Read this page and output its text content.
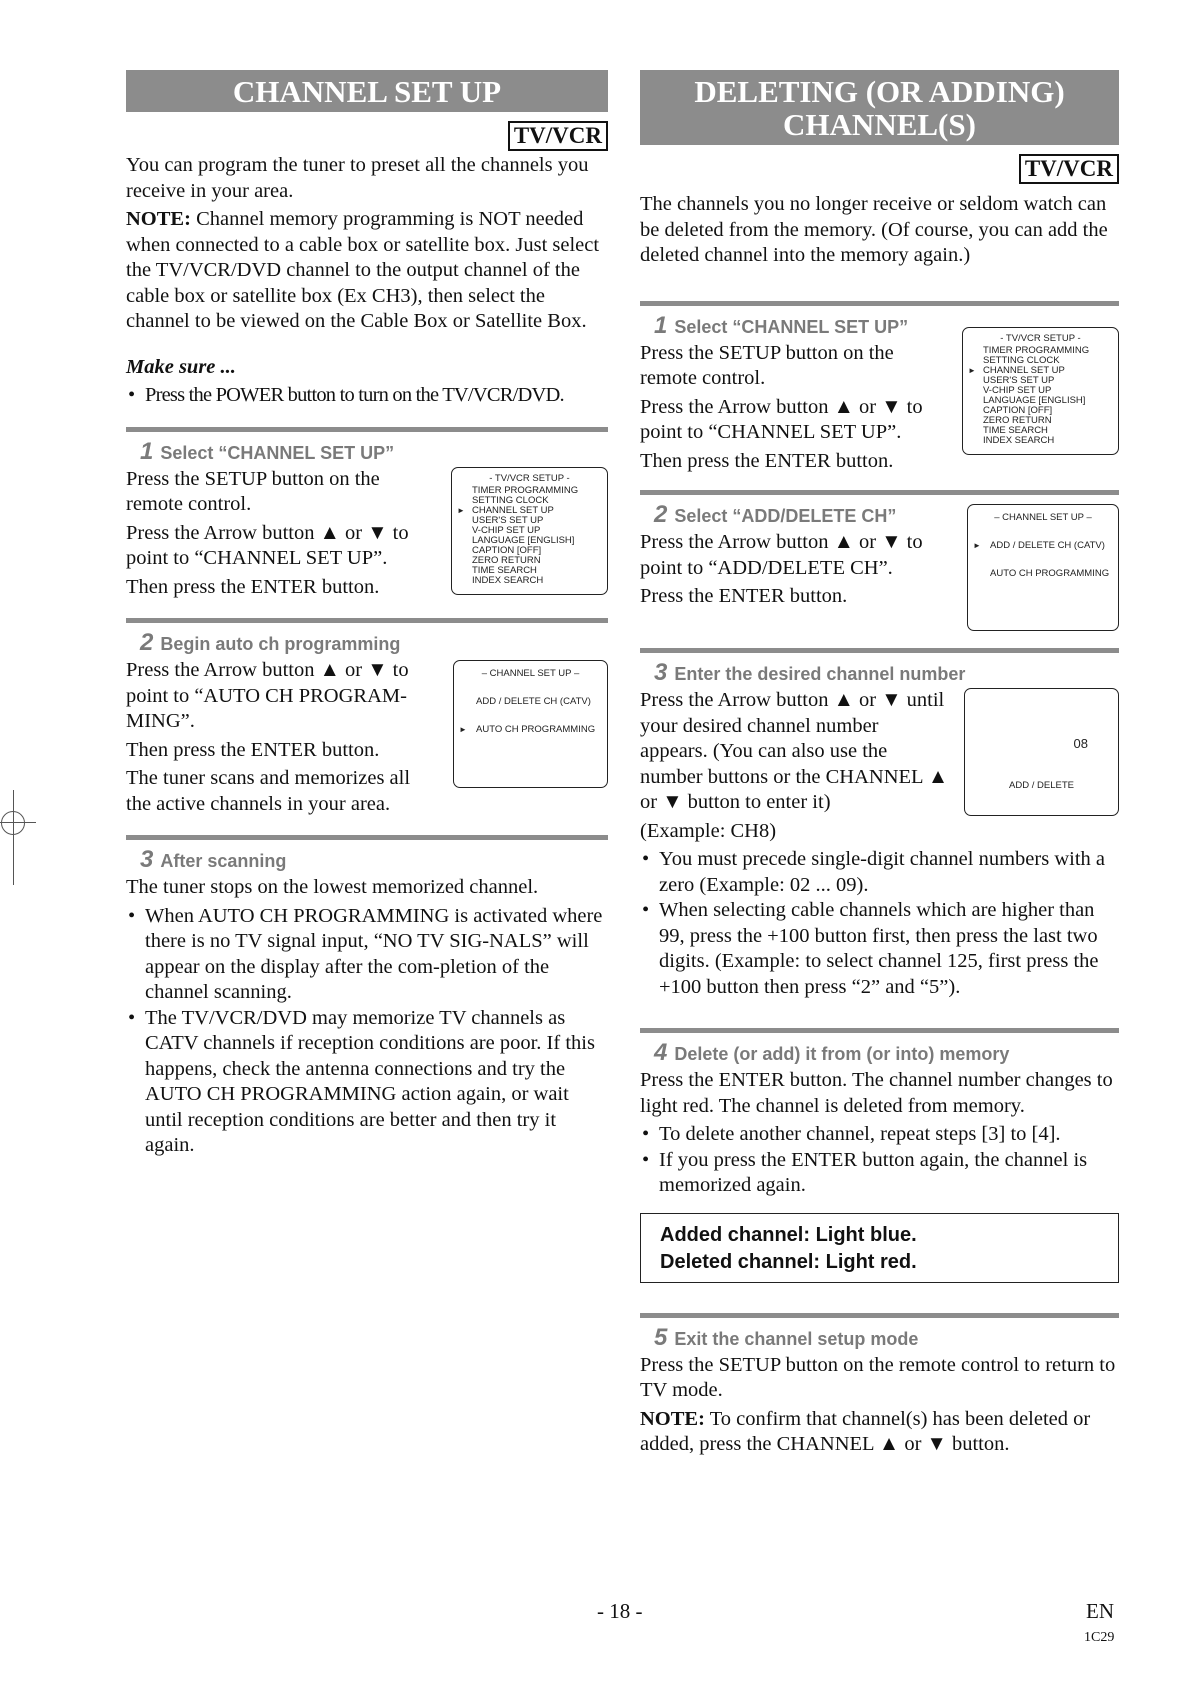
CHANNEL SET UP
TV/VCR

You can program the tuner to preset all the channels you receive in your area.

NOTE: Channel memory programming is NOT needed when connected to a cable box or satellite box. Just select the TV/VCR/DVD channel to the output channel of the cable box or satellite box (Ex CH3), then select the channel to be viewed on the Cable Box or Satellite Box.

Make sure ...

• Press the POWER button to turn on the TV/VCR/DVD.
1 Select “CHANNEL SET UP”
- TV/VCR SETUP -
TIMER PROGRAMMING
SETTING CLOCK
► CHANNEL SET UP
USER'S SET UP
V-CHIP SET UP
LANGUAGE [ENGLISH]
CAPTION [OFF]
ZERO RETURN
TIME SEARCH
INDEX SEARCH

Press the SETUP button on the remote control.

Press the Arrow button ▲ or ▼ to point to “CHANNEL SET UP”.

Then press the ENTER button.

2 Begin auto ch programming
– CHANNEL SET UP –
ADD / DELETE CH (CATV)
► AUTO CH PROGRAMMING

Press the Arrow button ▲ or ▼ to point to “AUTO CH PROGRAM-MING”.

Then press the ENTER button.

The tuner scans and memorizes all the active channels in your area.

3 After scanning

The tuner stops on the lowest memorized channel.

• When AUTO CH PROGRAMMING is activated where there is no TV signal input, “NO TV SIG-NALS” will appear on the display after the com-pletion of the channel scanning.
• The TV/VCR/DVD may memorize TV channels as CATV channels if reception conditions are poor. If this happens, check the antenna connections and try the AUTO CH PROGRAMMING action again, or wait until reception conditions are better and then try it again.
DELETING (OR ADDING)
CHANNEL(S)
TV/VCR

The channels you no longer receive or seldom watch can be deleted from the memory. (Of course, you can add the deleted channel into the memory again.)

1 Select “CHANNEL SET UP”
- TV/VCR SETUP -
TIMER PROGRAMMING
SETTING CLOCK
► CHANNEL SET UP
USER'S SET UP
V-CHIP SET UP
LANGUAGE [ENGLISH]
CAPTION [OFF]
ZERO RETURN
TIME SEARCH
INDEX SEARCH

Press the SETUP button on the remote control.

Press the Arrow button ▲ or ▼ to point to “CHANNEL SET UP”.

Then press the ENTER button.

2 Select “ADD/DELETE CH”	– CHANNEL SET UP –
► ADD / DELETE CH (CATV)
AUTO CH PROGRAMMING

Press the Arrow button ▲ or ▼ to point to “ADD/DELETE CH”.

Press the ENTER button.

3 Enter the desired channel number
08
ADD / DELETE

Press the Arrow button ▲ or ▼ until your desired channel number appears. (You can also use the number buttons or the CHANNEL ▲ or ▼ button to enter it)

(Example: CH8)

• You must precede single-digit channel numbers with a zero (Example: 02 ... 09).
• When selecting cable channels which are higher than 99, press the +100 button first, then press the last two digits. (Example: to select channel 125, first press the +100 button then press “2” and “5”).
4 Delete (or add) it from (or into) memory

Press the ENTER button. The channel number changes to light red. The channel is deleted from memory.

• To delete another channel, repeat steps [3] to [4].
• If you press the ENTER button again, the channel is memorized again.
Added channel: Light blue.
Deleted channel: Light red.
5 Exit the channel setup mode

Press the SETUP button on the remote control to return to TV mode.

NOTE: To confirm that channel(s) has been deleted or added, press the CHANNEL ▲ or ▼ button.

- 18 -	EN
1C29
